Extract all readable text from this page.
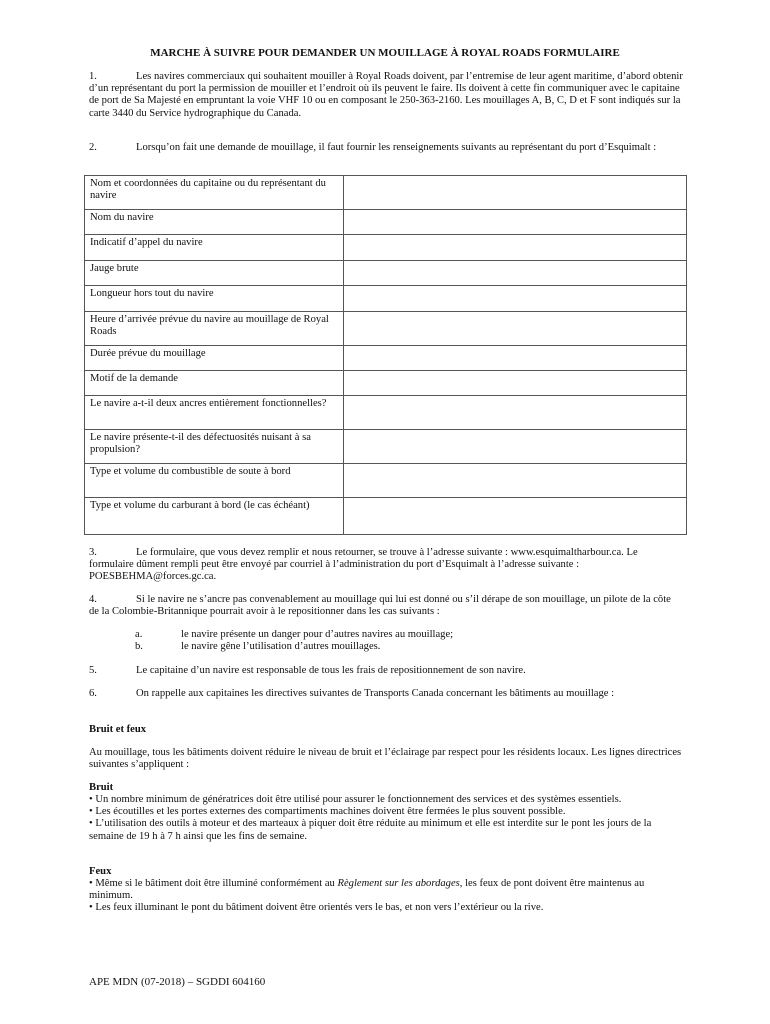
MARCHE À SUIVRE POUR DEMANDER UN MOUILLAGE À ROYAL ROADS FORMULAIRE
1.	Les navires commerciaux qui souhaitent mouiller à Royal Roads doivent, par l’entremise de leur agent maritime, d’abord obtenir d’un représentant du port la permission de mouiller et l’endroit où ils peuvent le faire. Ils doivent à cette fin communiquer avec le capitaine de port de Sa Majesté en empruntant la voie VHF 10 ou en composant le 250-363-2160. Les mouillages A, B, C, D et F sont indiqués sur la carte 3440 du Service hydrographique du Canada.
2.	Lorsqu’on fait une demande de mouillage, il faut fournir les renseignements suivants au représentant du port d’Esquimalt :
Nom et coordonnées du capitaine ou du représentant du navire	
Nom du navire	
Indicatif d’appel du navire	
Jauge brute	
Longueur hors tout du navire	
Heure d’arrivée prévue du navire au mouillage de Royal Roads	
Durée prévue du mouillage	
Motif de la demande	
Le navire a-t-il deux ancres entièrement fonctionnelles?	
Le navire présente-t-il des défectuosités nuisant à sa propulsion?	
Type et volume du combustible de soute à bord	
Type et volume du carburant à bord (le cas échéant)	
3.	Le formulaire, que vous devez remplir et nous retourner, se trouve à l’adresse suivante : www.esquimaltharbour.ca. Le formulaire dûment rempli peut être envoyé par courriel à l’administration du port d’Esquimalt à l’adresse suivante : POESBEHMA@forces.gc.ca.
4.	Si le navire ne s’ancre pas convenablement au mouillage qui lui est donné ou s’il dérape de son mouillage, un pilote de la côte de la Colombie-Britannique pourrait avoir à le repositionner dans les cas suivants :
a.	le navire présente un danger pour d’autres navires au mouillage;
b.	le navire gêne l’utilisation d’autres mouillages.
5.	Le capitaine d’un navire est responsable de tous les frais de repositionnement de son navire.
6.	On rappelle aux capitaines les directives suivantes de Transports Canada concernant les bâtiments au mouillage :
Bruit et feux
Au mouillage, tous les bâtiments doivent réduire le niveau de bruit et l’éclairage par respect pour les résidents locaux. Les lignes directrices suivantes s’appliquent :
Bruit
• Un nombre minimum de génératrices doit être utilisé pour assurer le fonctionnement des services et des systèmes essentiels.
• Les écoutilles et les portes externes des compartiments machines doivent être fermées le plus souvent possible.
• L’utilisation des outils à moteur et des marteaux à piquer doit être réduite au minimum et elle est interdite sur le pont les jours de la semaine de 19 h à 7 h ainsi que les fins de semaine.
Feux
• Même si le bâtiment doit être illuminé conformément au Règlement sur les abordages, les feux de pont doivent être maintenus au minimum.
• Les feux illuminant le pont du bâtiment doivent être orientés vers le bas, et non vers l’extérieur ou la rive.
APE MDN (07-2018) – SGDDI 604160
